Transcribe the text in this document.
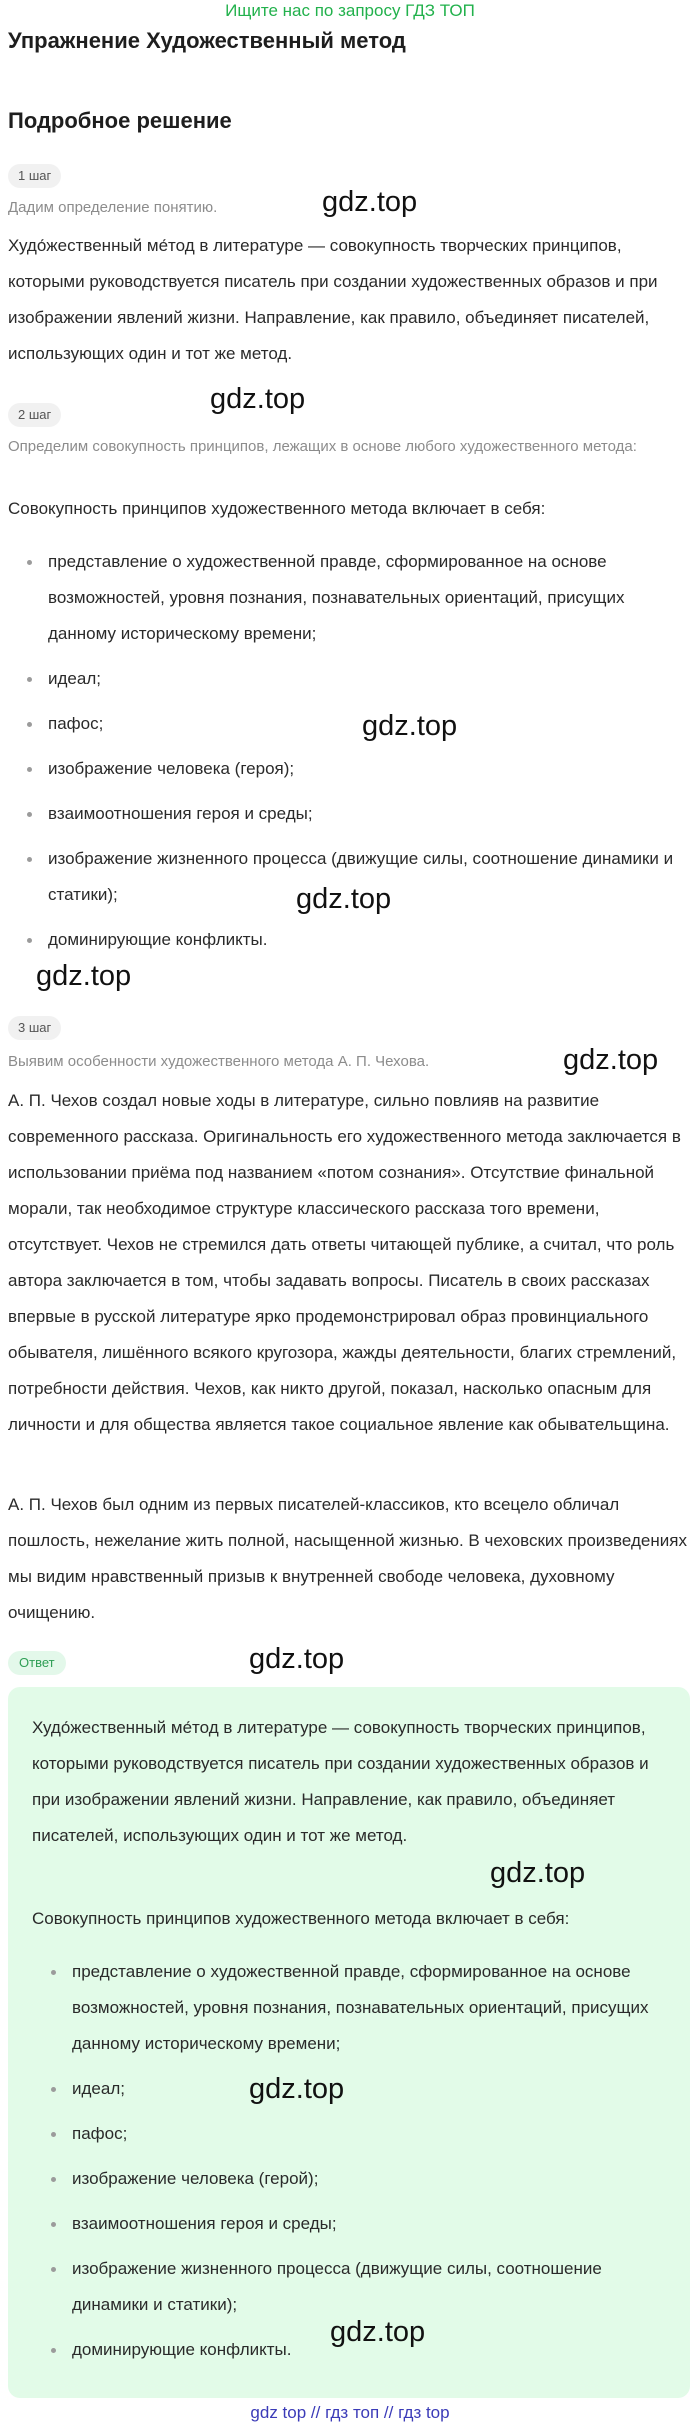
Ищите нас по запросу ГДЗ ТОП
Упражнение Художественный метод
Подробное решение
1 шаг

Дадим определение понятию.

Худо́жественный ме́тод в литературе — совокупность творческих принципов, которыми руководствуется писатель при создании художественных образов и при изображении явлений жизни. Направление, как правило, объединяет писателей, использующих один и тот же метод.

2 шаг

Определим совокупность принципов, лежащих в основе любого художественного метода:

Совокупность принципов художественного метода включает в себя:

представление о художественной правде, сформированное на основе возможностей, уровня познания, познавательных ориентаций, присущих данному историческому времени;
идеал;
пафос;
изображение человека (героя);
взаимоотношения героя и среды;
изображение жизненного процесса (движущие силы, соотношение динамики и статики);
доминирующие конфликты.
3 шаг

Выявим особенности художественного метода А. П. Чехова.

А. П. Чехов создал новые ходы в литературе, сильно повлияв на развитие современного рассказа. Оригинальность его художественного метода заключается в использовании приёма под названием «потом сознания». Отсутствие финальной морали, так необходимое структуре классического рассказа того времени, отсутствует. Чехов не стремился дать ответы читающей публике, а считал, что роль автора заключается в том, чтобы задавать вопросы. Писатель в своих рассказах впервые в русской литературе ярко продемонстрировал образ провинциального обывателя, лишённого всякого кругозора, жажды деятельности, благих стремлений, потребности действия. Чехов, как никто другой, показал, насколько опасным для личности и для общества является такое социальное явление как обывательщина.

А. П. Чехов был одним из первых писателей-классиков, кто всецело обличал пошлость, нежелание жить полной, насыщенной жизнью. В чеховских произведениях мы видим нравственный призыв к внутренней свободе человека, духовному очищению.

Ответ

Худо́жественный ме́тод в литературе — совокупность творческих принципов, которыми руководствуется писатель при создании художественных образов и при изображении явлений жизни. Направление, как правило, объединяет писателей, использующих один и тот же метод.

Совокупность принципов художественного метода включает в себя:

представление о художественной правде, сформированное на основе возможностей, уровня познания, познавательных ориентаций, присущих данному историческому времени;
идеал;
пафос;
изображение человека (герой);
взаимоотношения героя и среды;
изображение жизненного процесса (движущие силы, соотношение динамики и статики);
доминирующие конфликты.
gdz.top
gdz.top
gdz.top
gdz.top
gdz.top
gdz.top
gdz.top
gdz.top
gdz.top
gdz.top
gdz top // гдз топ // гдз top
